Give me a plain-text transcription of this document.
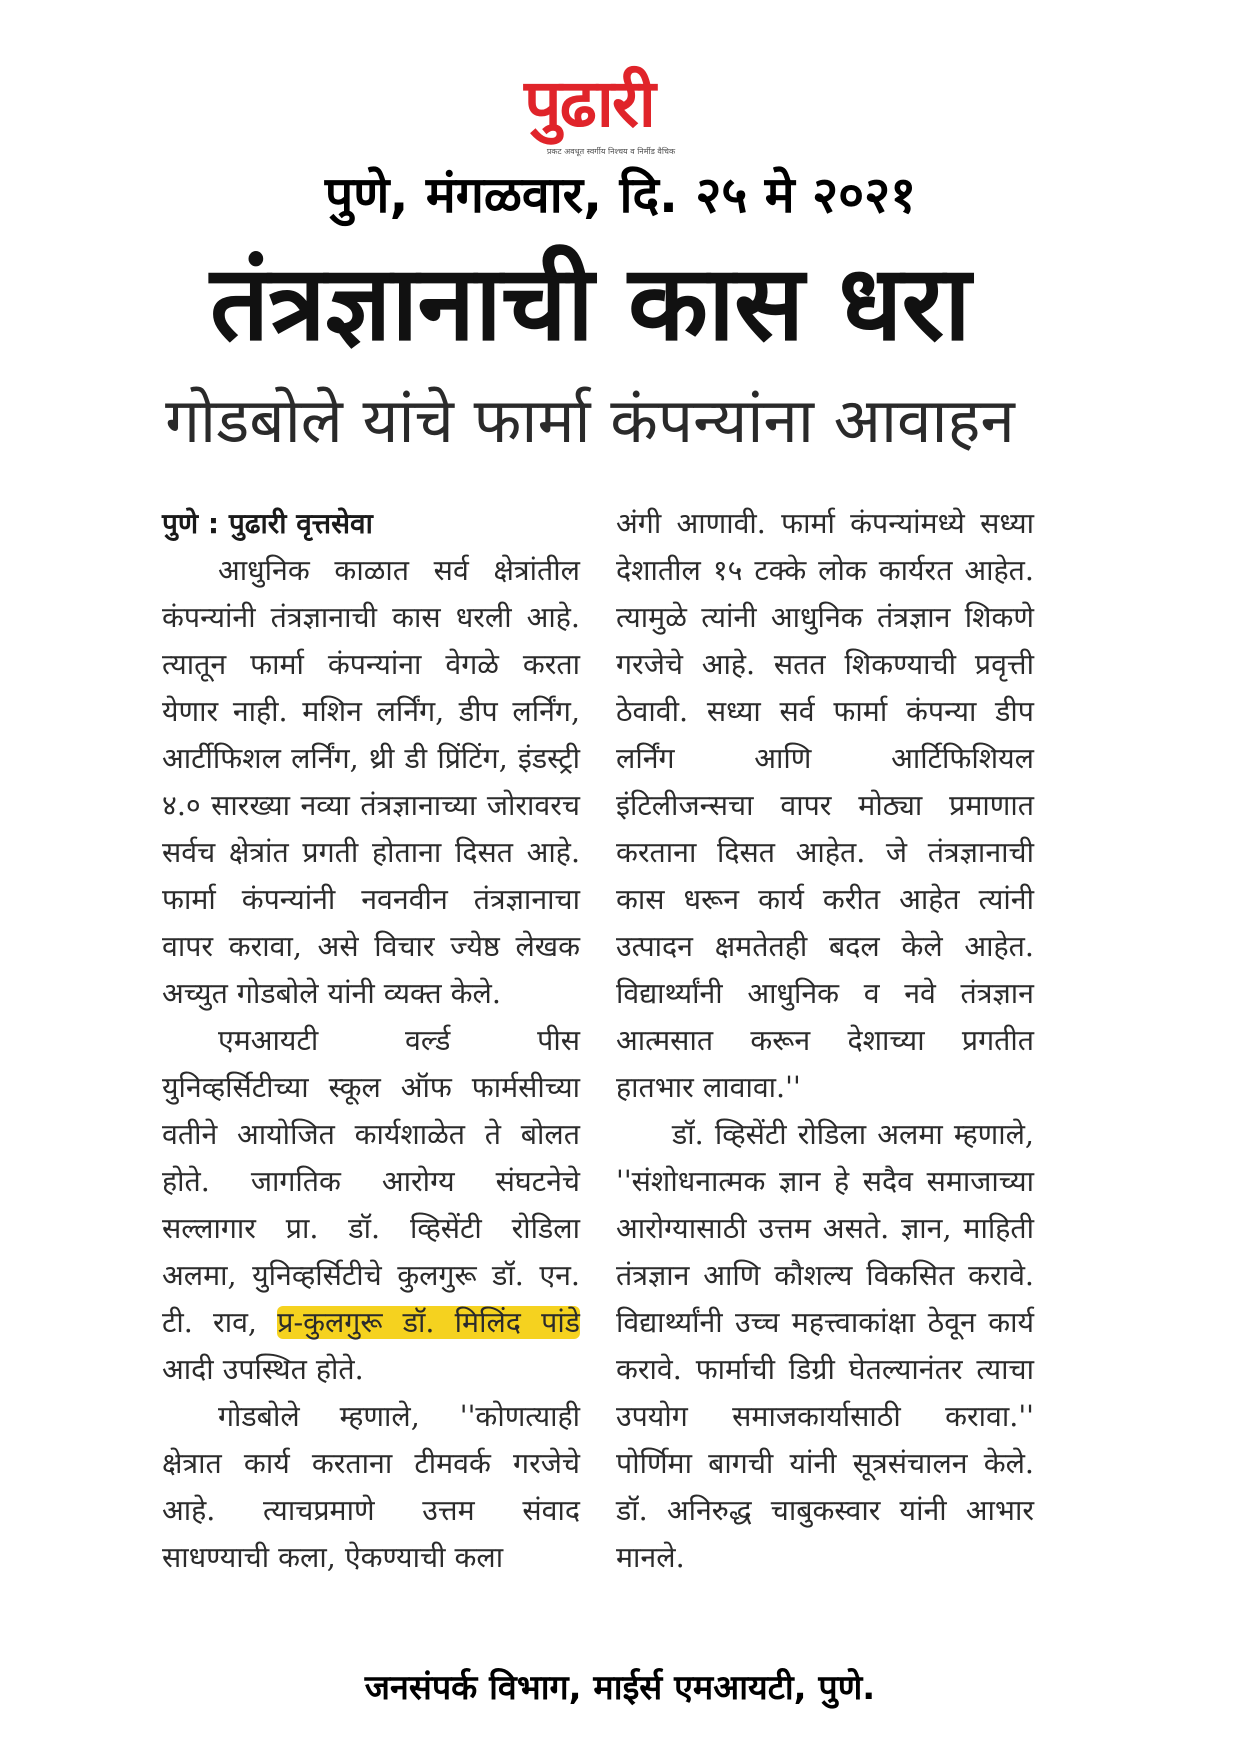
पुढारी
प्रकट अवधूत स्वर्गीय निश्चय व निर्मीड वैचिक
पुणे, मंगळवार, दि. २५ मे २०२१
तंत्रज्ञानाची कास धरा
गोडबोले यांचे फार्मा कंपन्यांना आवाहन
पुणे : पुढारी वृत्तसेवा

आधुनिक काळात सर्व क्षेत्रांतील कंपन्यांनी तंत्रज्ञानाची कास धरली आहे. त्यातून फार्मा कंपन्यांना वेगळे करता येणार नाही. मशिन लर्निंग, डीप लर्निंग, आर्टीफिशल लर्निंग, थ्री डी प्रिंटिंग, इंडस्ट्री ४.० सारख्या नव्या तंत्रज्ञानाच्या जोरावरच सर्वच क्षेत्रांत प्रगती होताना दिसत आहे. फार्मा कंपन्यांनी नवनवीन तंत्रज्ञानाचा वापर करावा, असे विचार ज्येष्ठ लेखक अच्युत गोडबोले यांनी व्यक्त केले.

एमआयटी वर्ल्ड पीस युनिव्हर्सिटीच्या स्कूल ऑफ फार्मसीच्या वतीने आयोजित कार्यशाळेत ते बोलत होते. जागतिक आरोग्य संघटनेचे सल्लागार प्रा. डॉ. व्हिसेंटी रोडिला अलमा, युनिव्हर्सिटीचे कुलगुरू डॉ. एन. टी. राव, प्र-कुलगुरू डॉ. मिलिंद पांडे आदी उपस्थित होते.

गोडबोले म्हणाले, ''कोणत्याही क्षेत्रात कार्य करताना टीमवर्क गरजेचे आहे. त्याचप्रमाणे उत्तम संवाद साधण्याची कला, ऐकण्याची कला

अंगी आणावी. फार्मा कंपन्यांमध्ये सध्या देशातील १५ टक्के लोक कार्यरत आहेत. त्यामुळे त्यांनी आधुनिक तंत्रज्ञान शिकणे गरजेचे आहे. सतत शिकण्याची प्रवृत्ती ठेवावी. सध्या सर्व फार्मा कंपन्या डीप लर्निंग आणि आर्टिफिशियल इंटिलीजन्सचा वापर मोठ्या प्रमाणात करताना दिसत आहेत. जे तंत्रज्ञानाची कास धरून कार्य करीत आहेत त्यांनी उत्पादन क्षमतेतही बदल केले आहेत. विद्यार्थ्यांनी आधुनिक व नवे तंत्रज्ञान आत्मसात करून देशाच्या प्रगतीत हातभार लावावा.''

डॉ. व्हिसेंटी रोडिला अलमा म्हणाले, ''संशोधनात्मक ज्ञान हे सदैव समाजाच्या आरोग्यासाठी उत्तम असते. ज्ञान, माहिती तंत्रज्ञान आणि कौशल्य विकसित करावे. विद्यार्थ्यांनी उच्च महत्त्वाकांक्षा ठेवून कार्य करावे. फार्माची डिग्री घेतल्यानंतर त्याचा उपयोग समाजकार्यासाठी करावा.'' पोर्णिमा बागची यांनी सूत्रसंचालन केले. डॉ. अनिरुद्ध चाबुकस्वार यांनी आभार मानले.

जनसंपर्क विभाग, माईर्स एमआयटी, पुणे.
